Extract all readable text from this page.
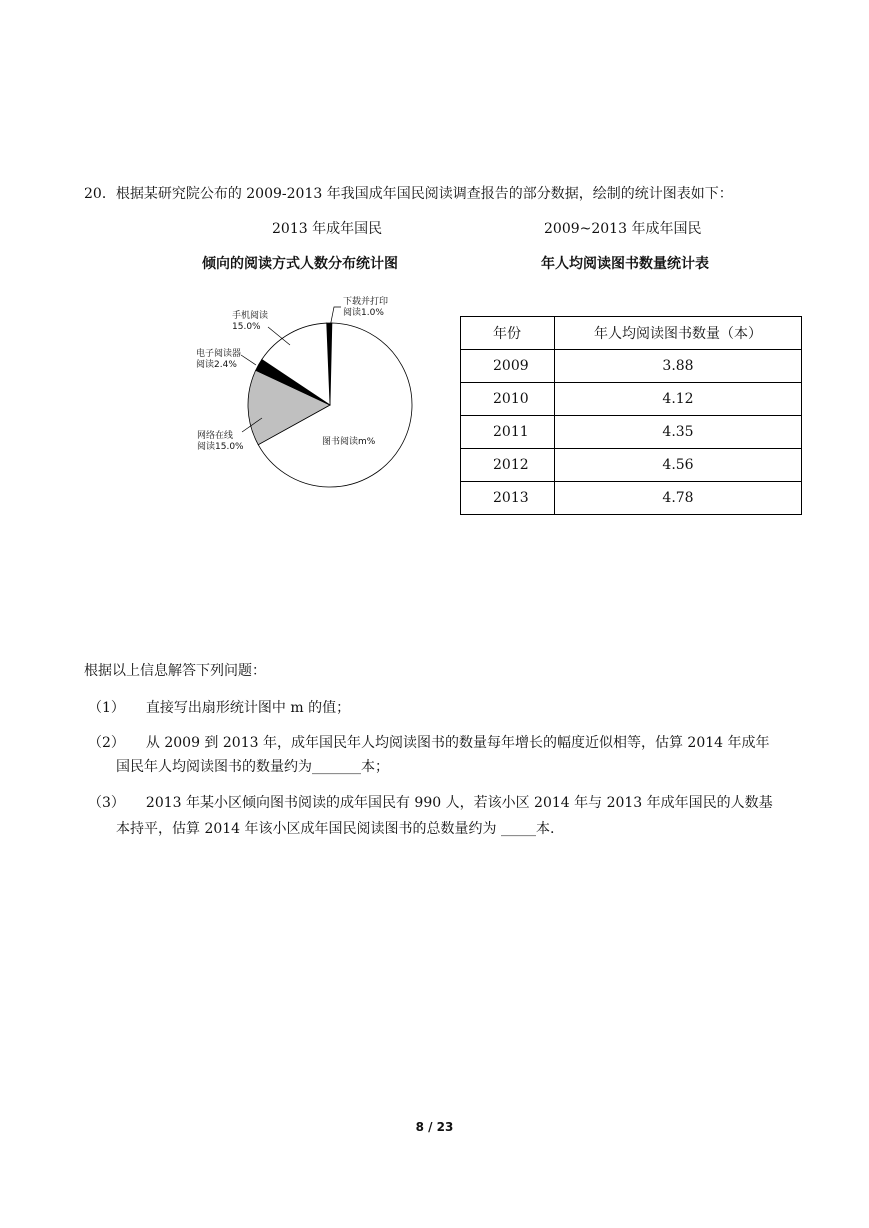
20．根据某研究院公布的 2009-2013 年我国成年国民阅读调查报告的部分数据，绘制的统计图表如下：
2013 年成年国民
倾向的阅读方式人数分布统计图
2009~2013 年成年国民
年人均阅读图书数量统计表
下载并打印
阅读1.0%
手机阅读
15.0%
电子阅读器
阅读2.4%
网络在线
阅读15.0%	图书阅读m%
年份	年人均阅读图书数量（本）
2009	3.88
2010	4.12
2011	4.35
2012	4.56
2013	4.78
根据以上信息解答下列问题：
（1）　　直接写出扇形统计图中 m 的值；
（2）　　从 2009 到 2013 年，成年国民年人均阅读图书的数量每年增长的幅度近似相等，估算 2014 年成年
国民年人均阅读图书的数量约为_______本；
（3）　　2013 年某小区倾向图书阅读的成年国民有 990 人，若该小区 2014 年与 2013 年成年国民的人数基
本持平，估算 2014 年该小区成年国民阅读图书的总数量约为 _____本.
8 / 23
